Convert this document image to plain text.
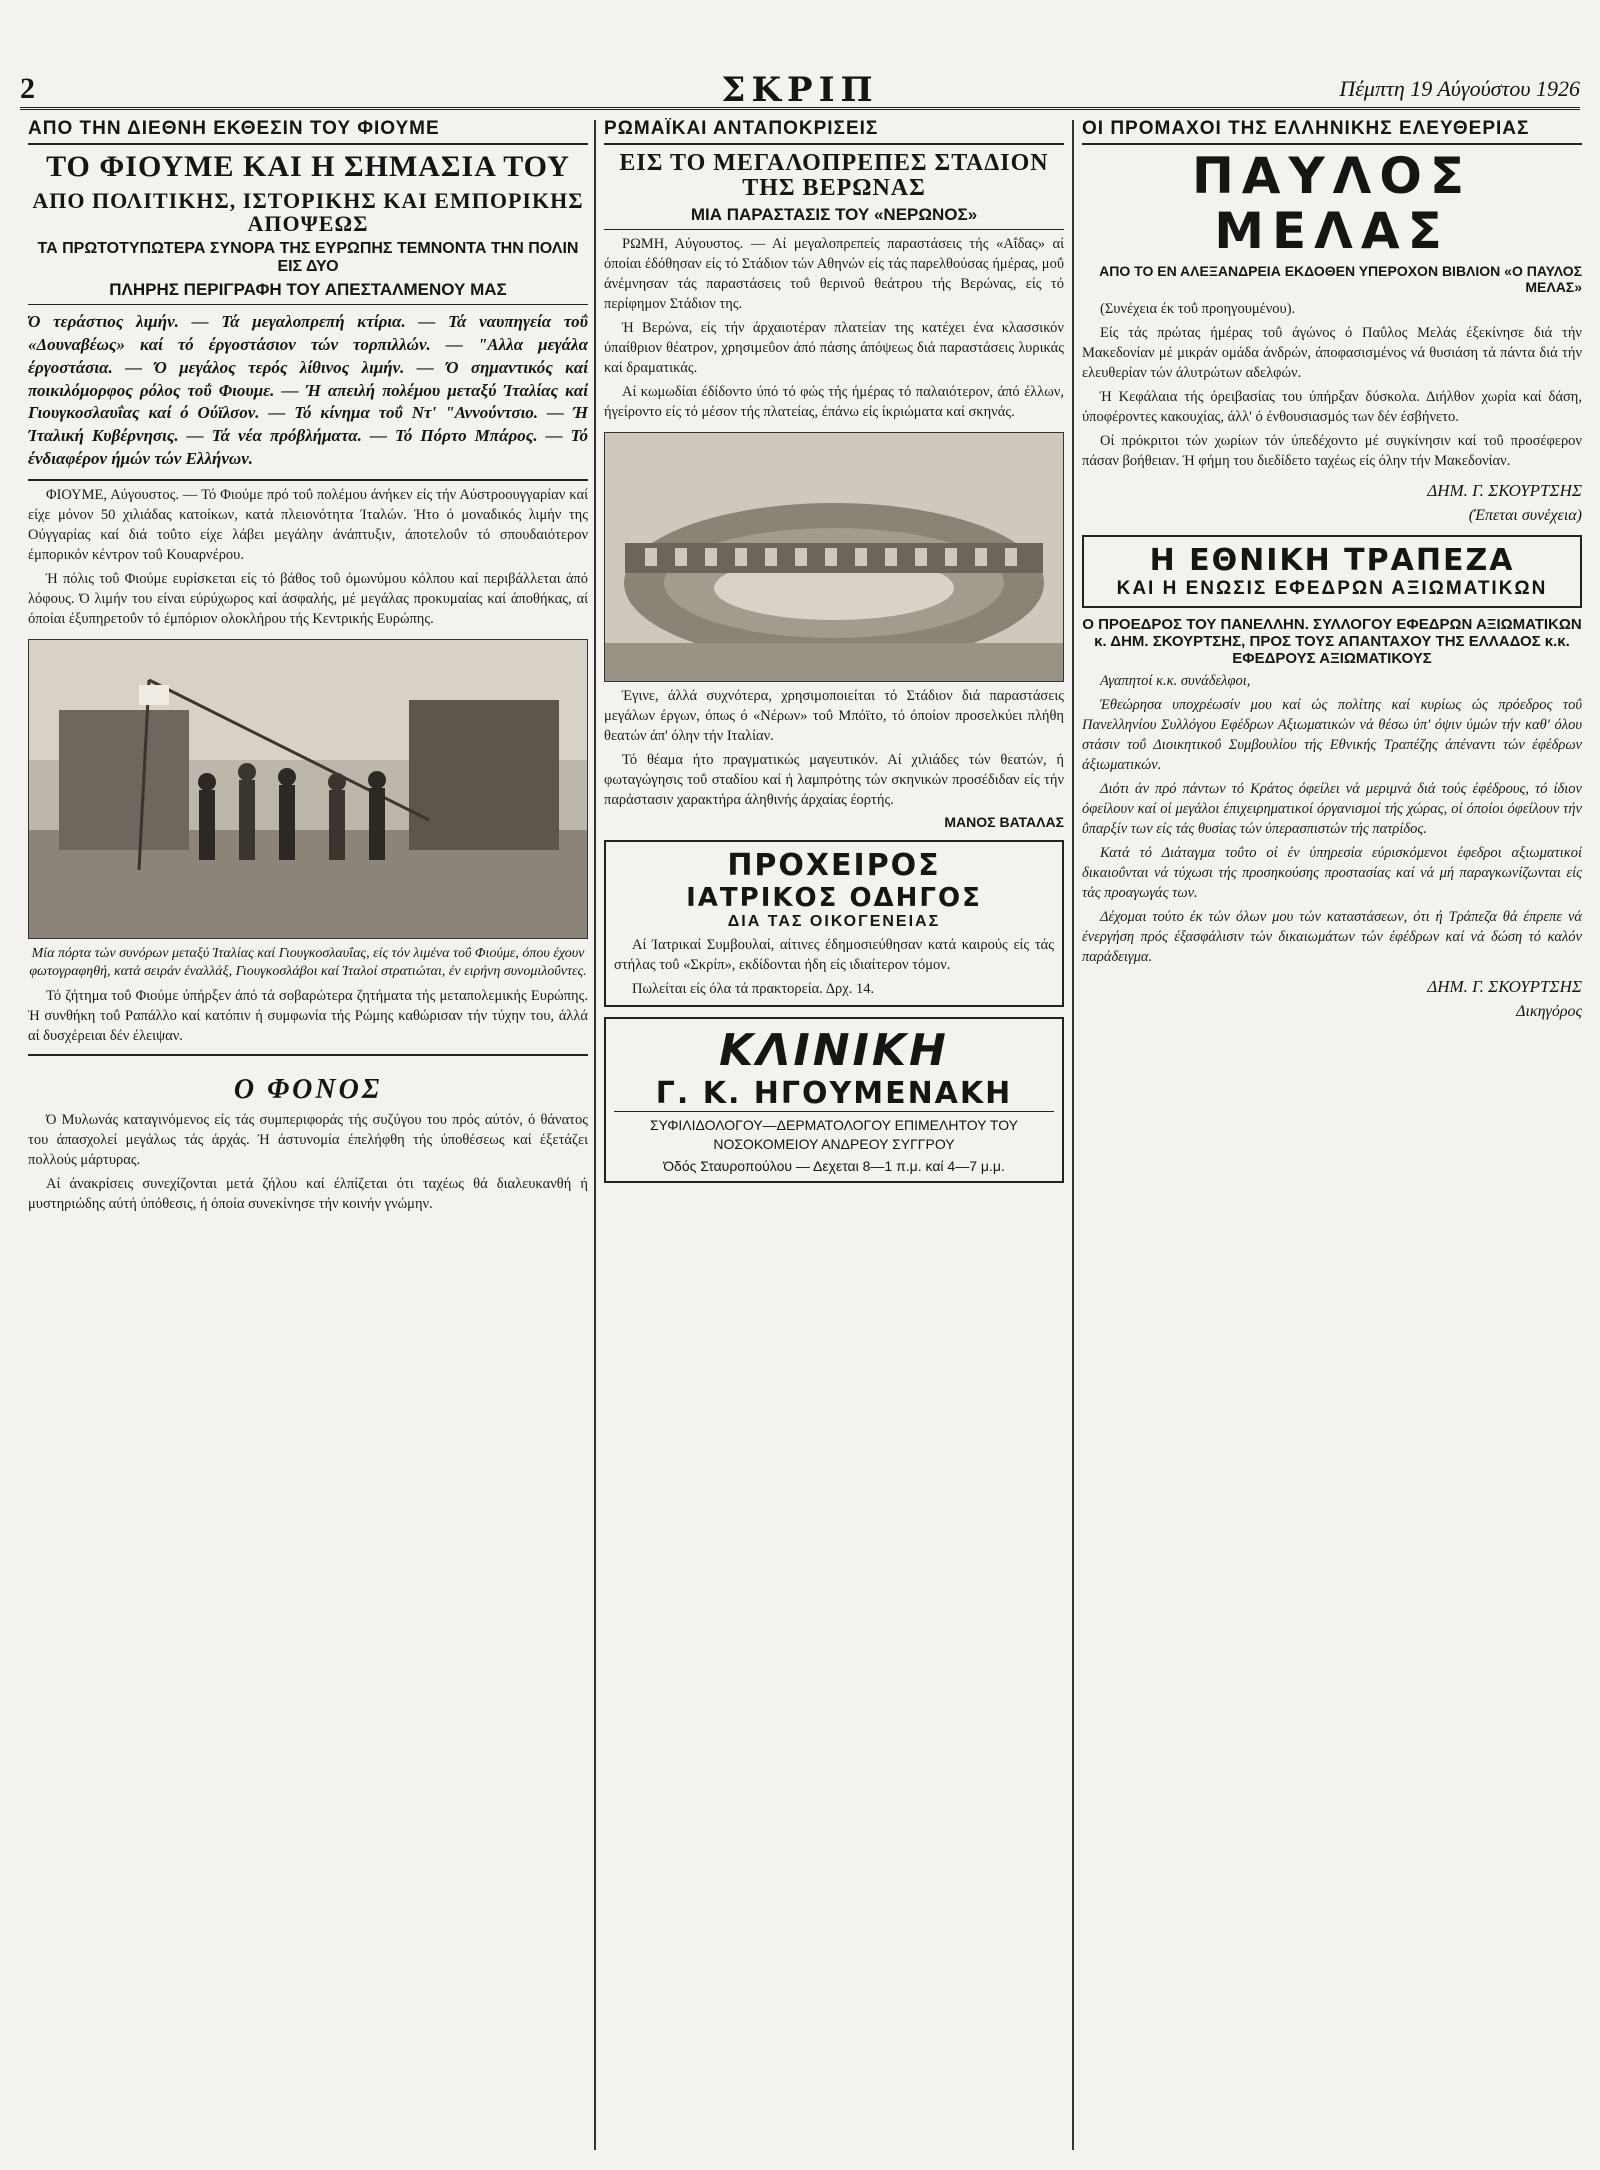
2	ΣΚΡΙΠ	Πέμπτη 19 Αύγούστου 1926
ΑΠΟ ΤΗΝ ΔΙΕΘΝΗ ΕΚΘΕΣΙΝ ΤΟΥ ΦΙΟΥΜΕ
ΤΟ ΦΙΟΥΜΕ ΚΑΙ Η ΣΗΜΑΣΙΑ ΤΟΥ
ΑΠΟ ΠΟΛΙΤΙΚΗΣ, ΙΣΤΟΡΙΚΗΣ ΚΑΙ ΕΜΠΟΡΙΚΗΣ ΑΠΟΨΕΩΣ
ΤΑ ΠΡΩΤΟΤΥΠΩΤΕΡΑ ΣΥΝΟΡΑ ΤΗΣ ΕΥΡΩΠΗΣ ΤΕΜΝΟΝΤΑ ΤΗΝ ΠΟΛΙΝ ΕΙΣ ΔΥΟ
ΠΛΗΡΗΣ ΠΕΡΙΓΡΑΦΗ ΤΟΥ ΑΠΕΣΤΑΛΜΕΝΟΥ ΜΑΣ
Ό τεράστιος λιμήν. — Τά μεγαλοπρεπή κτίρια. — Τά ναυπηγεία τοΰ «Δουναβέως» καί τό έργοστάσιον τών τορπιλλών. — "Αλλα μεγάλα έργοστάσια. — Ό μεγάλος τερός λίθινος λιμήν. — Ό σημαντικός καί ποικιλόμορφος ρόλος τοΰ Φιουμε. — Ή απειλή πολέμου μεταξύ Ίταλίας καί Γιουγκοσλαυΐας καί ό Ούϊλσον. — Τό κίνημα τοΰ Ντ' "Αννούντσιο. — Ή Ίταλική Κυβέρνησις. — Τά νέα πρόβλήματα. — Τό Πόρτο Μπάρος. — Τό ένδιαφέρον ήμών τών Ελλήνων.

ΦΙΟΥΜΕ, Αύγουστος. — Τό Φιούμε πρό τοΰ πολέμου άνήκεν είς τήν Αύστροουγγαρίαν καί είχε μόνον 50 χιλιάδας κατοίκων, κατά πλειονότητα Ίταλών. Ήτο ό μοναδικός λιμήν της Ούγγαρίας καί διά τοΰτο είχε λάβει μεγάλην άνάπτυξιν, άποτελοΰν τό σπουδαιότερον έμπορικόν κέντρον τοΰ Κουαρνέρου.

Ή πόλις τοΰ Φιούμε ευρίσκεται είς τό βάθος τοΰ όμωνύμου κόλπου καί περιβάλλεται άπό λόφους. Ό λιμήν του είναι εύρύχωρος καί άσφαλής, μέ μεγάλας προκυμαίας καί άποθήκας, αί όποίαι έξυπηρετοΰν τό έμπόριον ολοκλήρου τής Κεντρικής Ευρώπης.

Μία πόρτα τών συνόρων μεταξύ Ίταλίας καί Γιουγκοσλαυΐας, είς τόν λιμένα τοΰ Φιούμε, όπου έχουν φωτογραφηθή, κατά σειράν έναλλάξ, Γιουγκοσλάβοι καί Ίταλοί στρατιώται, έν ειρήνη συνομιλοΰντες.

Τό ζήτημα τοΰ Φιούμε ύπήρξεν άπό τά σοβαρώτερα ζητήματα τής μεταπολεμικής Ευρώπης. Ή συνθήκη τοΰ Ραπάλλο καί κατόπιν ή συμφωνία τής Ρώμης καθώρισαν τήν τύχην του, άλλά αί δυσχέρειαι δέν έλειψαν.

Ο ΦΟΝΟΣ

Ό Μυλωνάς καταγινόμενος είς τάς συμπεριφοράς τής συζύγου του πρός αύτόν, ό θάνατος του άπασχολεί μεγάλως τάς άρχάς. Ή άστυνομία έπελήφθη τής ύποθέσεως καί έξετάζει πολλούς μάρτυρας.

Αί άνακρίσεις συνεχίζονται μετά ζήλου καί έλπίζεται ότι ταχέως θά διαλευκανθή ή μυστηριώδης αύτή ύπόθεσις, ή όποία συνεκίνησε τήν κοινήν γνώμην.

ΡΩΜΑΪΚΑΙ ΑΝΤΑΠΟΚΡΙΣΕΙΣ
ΕΙΣ ΤΟ ΜΕΓΑΛΟΠΡΕΠΕΣ ΣΤΑΔΙΟΝ ΤΗΣ ΒΕΡΩΝΑΣ
ΜΙΑ ΠΑΡΑΣΤΑΣΙΣ ΤΟΥ «ΝΕΡΩΝΟΣ»

ΡΩΜΗ, Αύγουστος. — Αί μεγαλοπρεπείς παραστάσεις τής «Αΐδας» αί όποίαι έδόθησαν είς τό Στάδιον τών Αθηνών είς τάς παρελθούσας ήμέρας, μοΰ άνέμνησαν τάς παραστάσεις τοΰ θερινοΰ θεάτρου τής Βερώνας, είς τό περίφημον Στάδιον της.

Ή Βερώνα, είς τήν άρχαιοτέραν πλατείαν της κατέχει ένα κλασσικόν ύπαίθριον θέατρον, χρησιμεΰον άπό πάσης άπόψεως διά παραστάσεις λυρικάς καί δραματικάς.

Αί κωμωδίαι έδίδοντο ύπό τό φώς τής ήμέρας τό παλαιότερον, άπό έλλων, ήγείροντο είς τό μέσον τής πλατείας, έπάνω είς ίκριώματα καί σκηνάς.

Έγινε, άλλά συχνότερα, χρησιμοποιείται τό Στάδιον διά παραστάσεις μεγάλων έργων, όπως ό «Νέρων» τοΰ Μπόϊτο, τό όποίον προσελκύει πλήθη θεατών άπ' όλην τήν Ιταλίαν.

Τό θέαμα ήτο πραγματικώς μαγευτικόν. Αί χιλιάδες τών θεατών, ή φωταγώγησις τοΰ σταδίου καί ή λαμπρότης τών σκηνικών προσέδιδαν είς τήν παράστασιν χαρακτήρα άληθινής άρχαίας έορτής.

ΜΑΝΟΣ ΒΑΤΑΛΑΣ
ΠΡΟΧΕΙΡΟΣ
ΙΑΤΡΙΚΟΣ ΟΔΗΓΟΣ
ΔΙΑ ΤΑΣ ΟΙΚΟΓΕΝΕΙΑΣ

Αί Ίατρικαί Συμβουλαί, αίτινες έδημοσιεύθησαν κατά καιρούς είς τάς στήλας τοΰ «Σκρίπ», εκδίδονται ήδη είς ιδιαίτερον τόμον.

Πωλείται είς όλα τά πρακτορεία. Δρχ. 14.

ΚΛΙΝΙΚΗ
Γ. Κ. ΗΓΟΥΜΕΝΑΚΗ
ΣΥΦΙΛΙΔΟΛΟΓΟΥ—ΔΕΡΜΑΤΟΛΟΓΟΥ ΕΠΙΜΕΛΗΤΟΥ ΤΟΥ ΝΟΣΟΚΟΜΕΙΟΥ ΑΝΔΡΕΟΥ ΣΥΓΓΡΟΥ
Όδός Σταυροπούλου — Δεχεται 8—1 π.μ. καί 4—7 μ.μ.
ΟΙ ΠΡΟΜΑΧΟΙ ΤΗΣ ΕΛΛΗΝΙΚΗΣ ΕΛΕΥΘΕΡΙΑΣ
ΠΑΥΛΟΣ ΜΕΛΑΣ
ΑΠΟ ΤΟ ΕΝ ΑΛΕΞΑΝΔΡΕΙΑ ΕΚΔΟΘΕΝ ΥΠΕΡΟΧΟΝ ΒΙΒΛΙΟΝ «Ο ΠΑΥΛΟΣ ΜΕΛΑΣ»

(Συνέχεια έκ τοΰ προηγουμένου).

Είς τάς πρώτας ήμέρας τοΰ άγώνος ό Παΰλος Μελάς έξεκίνησε διά τήν Μακεδονίαν μέ μικράν ομάδα άνδρών, άποφασισμένος νά θυσιάση τά πάντα διά τήν ελευθερίαν τών άλυτρώτων αδελφών.

Ή Κεφάλαια τής όρειβασίας του ύπήρξαν δύσκολα. Διήλθον χωρία καί δάση, ύποφέροντες κακουχίας, άλλ' ό ένθουσιασμός των δέν έσβήνετο.

Οί πρόκριτοι τών χωρίων τόν ύπεδέχοντο μέ συγκίνησιν καί τοΰ προσέφερον πάσαν βοήθειαν. Ή φήμη του διεδίδετο ταχέως είς όλην τήν Μακεδονίαν.

ΔΗΜ. Γ. ΣΚΟΥΡΤΣΗΣ
(Έπεται συνέχεια)
Η ΕΘΝΙΚΗ ΤΡΑΠΕΖΑ
ΚΑΙ Η ΕΝΩΣΙΣ ΕΦΕΔΡΩΝ ΑΞΙΩΜΑΤΙΚΩΝ
Ο ΠΡΟΕΔΡΟΣ ΤΟΥ ΠΑΝΕΛΛΗΝ. ΣΥΛΛΟΓΟΥ ΕΦΕΔΡΩΝ ΑΞΙΩΜΑΤΙΚΩΝ κ. ΔΗΜ. ΣΚΟΥΡΤΣΗΣ, ΠΡΟΣ ΤΟΥΣ ΑΠΑΝΤΑΧΟΥ ΤΗΣ ΕΛΛΑΔΟΣ κ.κ. ΕΦΕΔΡΟΥΣ ΑΞΙΩΜΑΤΙΚΟΥΣ

Αγαπητοί κ.κ. συνάδελφοι,

Έθεώρησα υποχρέωσίν μου καί ώς πολίτης καί κυρίως ώς πρόεδρος τοΰ Πανελληνίου Συλλόγου Εφέδρων Αξιωματικών νά θέσω ύπ' όψιν ύμών τήν καθ' όλου στάσιν τοΰ Διοικητικοΰ Συμβουλίου τής Εθνικής Τραπέζης άπέναντι τών έφέδρων άξιωματικών.

Διότι άν πρό πάντων τό Κράτος όφείλει νά μεριμνά διά τούς έφέδρους, τό ίδιον όφείλουν καί οί μεγάλοι έπιχειρηματικοί όργανισμοί τής χώρας, οί όποίοι όφείλουν τήν ΰπαρξίν των είς τάς θυσίας τών ύπερασπιστών τής πατρίδος.

Κατά τό Διάταγμα τοΰτο οί έν ύπηρεσία εύρισκόμενοι έφεδροι αξιωματικοί δικαιοΰνται νά τύχωσι τής προσηκούσης προστασίας καί νά μή παραγκωνίζωνται είς τάς προαγωγάς των.

Δέχομαι τούτο έκ τών όλων μου τών καταστάσεων, ότι ή Τράπεζα θά έπρεπε νά ένεργήση πρός έξασφάλισιν τών δικαιωμάτων τών έφέδρων καί νά δώση τό καλόν παράδειγμα.

ΔΗΜ. Γ. ΣΚΟΥΡΤΣΗΣ
Δικηγόρος
